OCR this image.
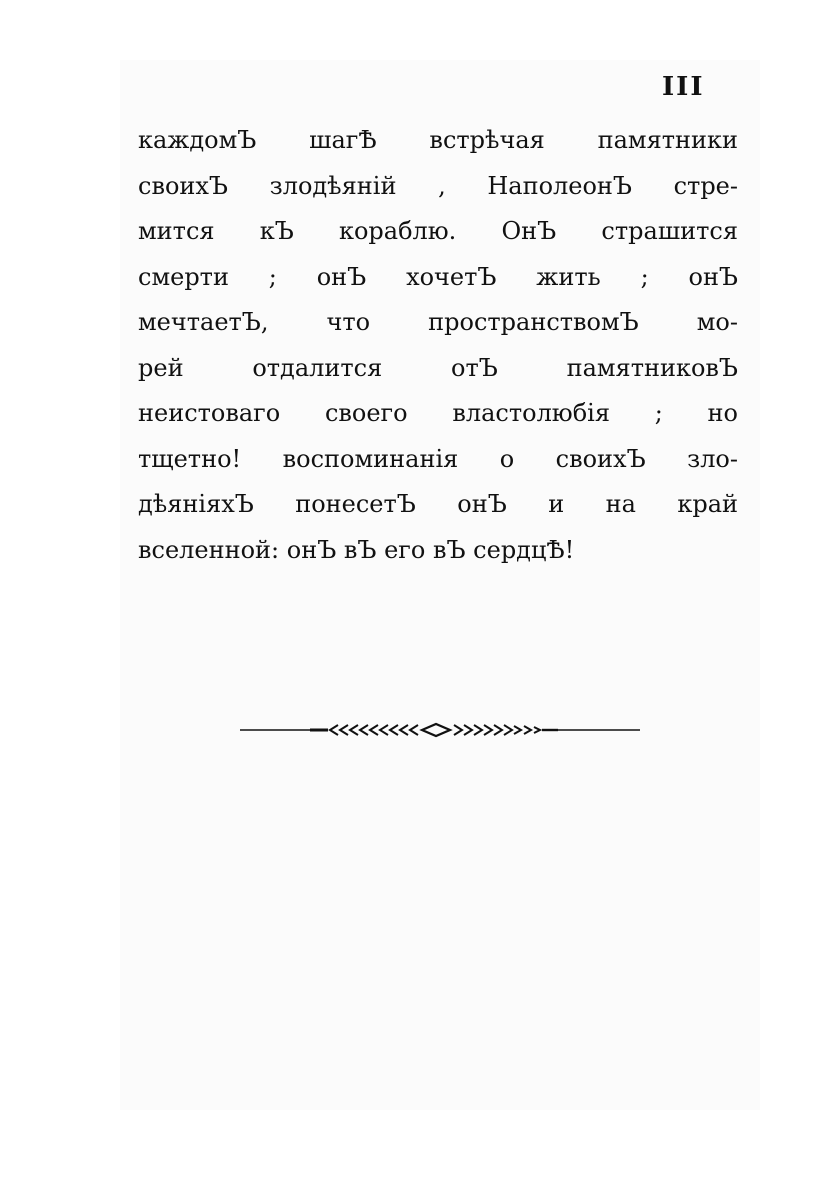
III
каждомЪ шагѢ встрѣчая памятники
своихЪ злодѣяній , НаполеонЪ стре-
мится кЪ кораблю. ОнЪ страшится
смерти ; онЪ хочетЪ жить ; онЪ
мечтаетЪ, что пространствомЪ мо-
рей отдалится отЪ памятниковЪ
неистоваго своего властолюбія ; но
тщетно! воспоминанія о своихЪ зло-
дѣяніяхЪ понесетЪ онЪ и на край
вселенной: онЪ вЪ его вЪ сердцѢ!
